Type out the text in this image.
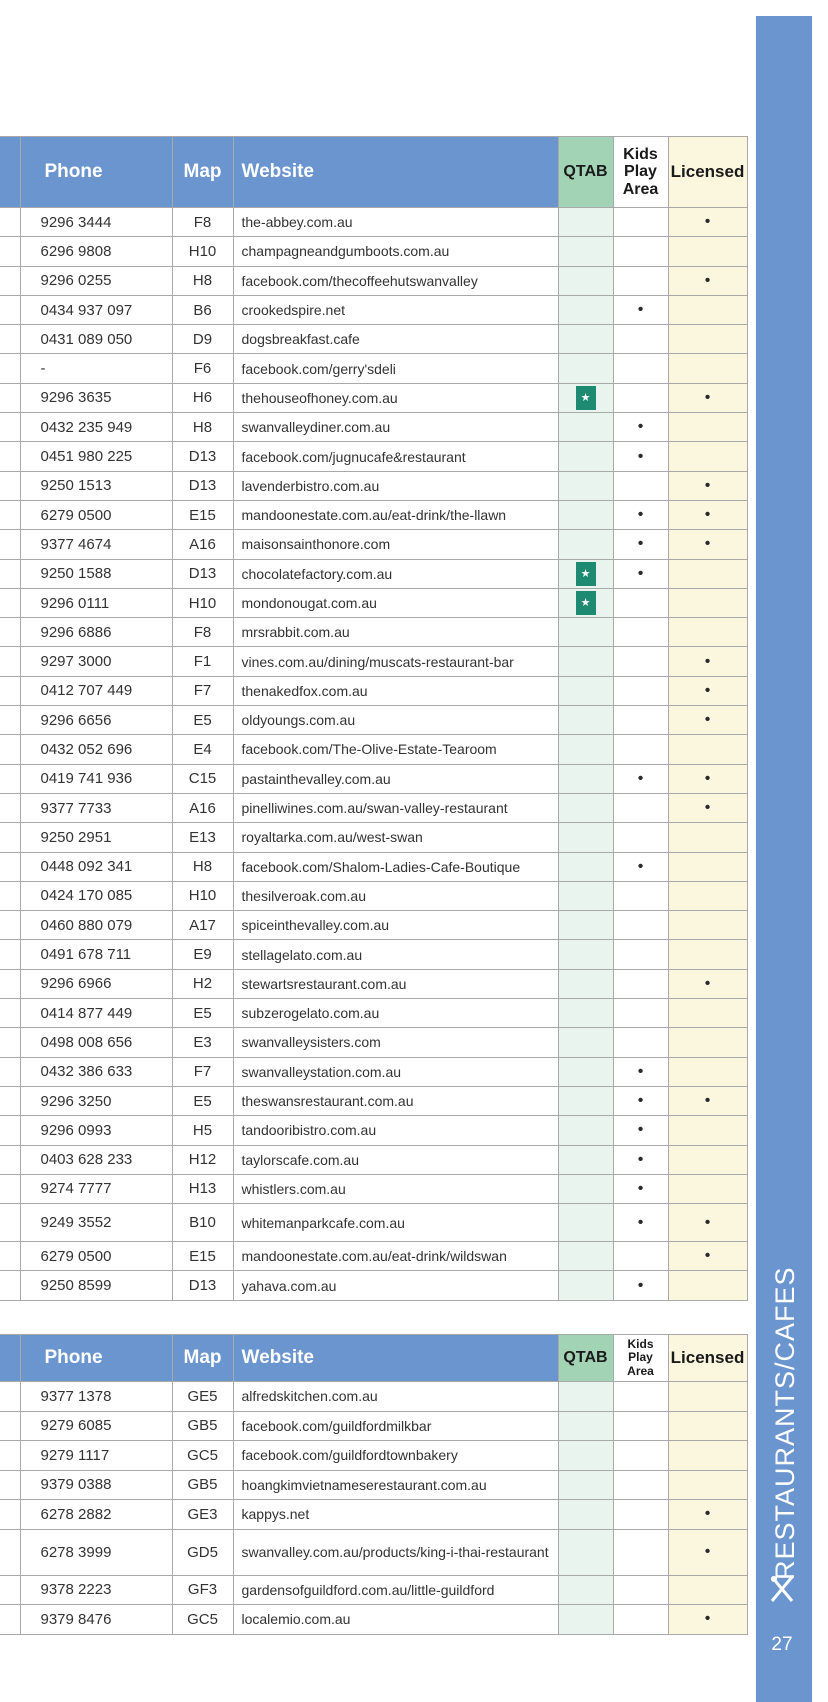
RESTAURANTS/CAFES
27
	Phone	Map	Website	QTAB	Kids
Play
Area	Licensed
	9296 3444	F8	the-abbey.com.au			•
	6296 9808	H10	champagneandgumboots.com.au			
	9296 0255	H8	facebook.com/thecoffeehutswanvalley			•
	0434 937 097	B6	crookedspire.net		•	
	0431 089 050	D9	dogsbreakfast.cafe			
	-	F6	facebook.com/gerry'sdeli			
	9296 3635	H6	thehouseofhoney.com.au	★		•
	0432 235 949	H8	swanvalleydiner.com.au		•	
	0451 980 225	D13	facebook.com/jugnucafe&restaurant		•	
	9250 1513	D13	lavenderbistro.com.au			•
	6279 0500	E15	mandoonestate.com.au/eat-drink/the-llawn		•	•
	9377 4674	A16	maisonsainthonore.com		•	•
	9250 1588	D13	chocolatefactory.com.au	★	•	
	9296 0111	H10	mondonougat.com.au	★		
	9296 6886	F8	mrsrabbit.com.au			
	9297 3000	F1	vines.com.au/dining/muscats-restaurant-bar			•
	0412 707 449	F7	thenakedfox.com.au			•
	9296 6656	E5	oldyoungs.com.au			•
	0432 052 696	E4	facebook.com/The-Olive-Estate-Tearoom			
	0419 741 936	C15	pastainthevalley.com.au		•	•
	9377 7733	A16	pinelliwines.com.au/swan-valley-restaurant			•
	9250 2951	E13	royaltarka.com.au/west-swan			
	0448 092 341	H8	facebook.com/Shalom-Ladies-Cafe-Boutique		•	
	0424 170 085	H10	thesilveroak.com.au			
	0460 880 079	A17	spiceinthevalley.com.au			
	0491 678 711	E9	stellagelato.com.au			
	9296 6966	H2	stewartsrestaurant.com.au			•
	0414 877 449	E5	subzerogelato.com.au			
	0498 008 656	E3	swanvalleysisters.com			
	0432 386 633	F7	swanvalleystation.com.au		•	
	9296 3250	E5	theswansrestaurant.com.au		•	•
	9296 0993	H5	tandooribistro.com.au		•	
	0403 628 233	H12	taylorscafe.com.au		•	
	9274 7777	H13	whistlers.com.au		•	
	9249 3552	B10	whitemanparkcafe.com.au		•	•
	6279 0500	E15	mandoonestate.com.au/eat-drink/wildswan			•
	9250 8599	D13	yahava.com.au		•	
	Phone	Map	Website	QTAB	Kids Play
Area	Licensed
	9377 1378	GE5	alfredskitchen.com.au			
	9279 6085	GB5	facebook.com/guildfordmilkbar			
	9279 1117	GC5	facebook.com/guildfordtownbakery			
	9379 0388	GB5	hoangkimvietnameserestaurant.com.au			
	6278 2882	GE3	kappys.net			•
	6278 3999	GD5	swanvalley.com.au/products/king-i-thai-restaurant			•
	9378 2223	GF3	gardensofguildford.com.au/little-guildford			
	9379 8476	GC5	localemio.com.au			•
